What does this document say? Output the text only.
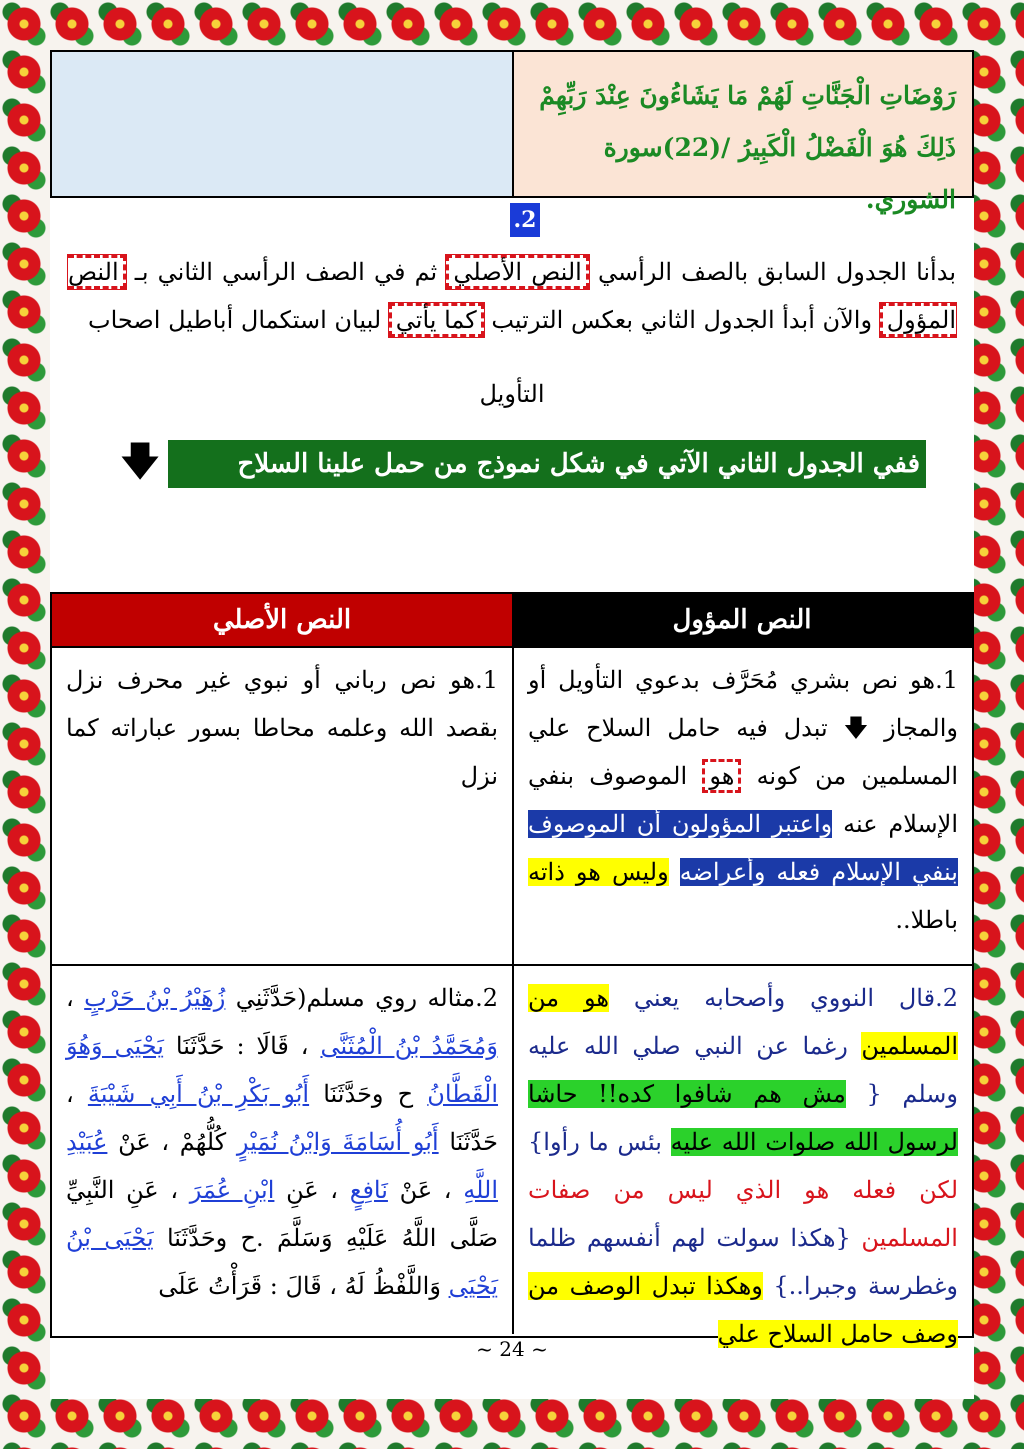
رَوْضَاتِ الْجَنَّاتِ لَهُمْ مَا يَشَاءُونَ عِنْدَ رَبِّهِمْ
ذَلِكَ هُوَ الْفَضْلُ الْكَبِيرُ /(22)سورة الشوري.
.2
بدأنا الجدول السابق بالصف الرأسي النص الأصلي ثم في الصف الرأسي الثاني بـ النص المؤول والآن أبدأ الجدول الثاني بعكس الترتيب كما يأتي لبيان استكمال أباطيل اصحاب
التأويل
ففي الجدول الثاني الآتي في شكل نموذج من حمل علينا السلاح فليس منا:
🡇
النص المؤول
النص الأصلي
1.هو نص بشري مُحَرَّف بدعوي التأويل أو والمجاز 🡇 تبدل فيه حامل السلاح علي المسلمين من كونه هو الموصوف بنفي الإسلام عنه واعتبر المؤولون أن الموصوف بنفي الإسلام فعله وأعراضه وليس هو ذاته باطلا..
1.هو نص رباني أو نبوي غير محرف نزل بقصد الله وعلمه محاطا بسور عباراته كما نزل
2.قال النووي وأصحابه يعني هو من المسلمين رغما عن النبي صلي الله عليه وسلم { مش هم شافوا كده!! حاشا لرسول الله صلوات الله عليه بئس ما رأوا} لكن فعله هو الذي ليس من صفات المسلمين {هكذا سولت لهم أنفسهم ظلما وغطرسة وجبرا..} وهكذا تبدل الوصف من وصف حامل السلاح علي
2.مثاله روي مسلم(حَدَّثَنِي زُهَيْرُ بْنُ حَرْبٍ ، وَمُحَمَّدُ بْنُ الْمُثَنَّى ، قَالَا : حَدَّثَنَا يَحْيَى وَهُوَ الْقَطَّانُ ح وحَدَّثَنَا أَبُو بَكْرِ بْنُ أَبِي شَيْبَةَ ، حَدَّثَنَا أَبُو أُسَامَةَ وَابْنُ نُمَيْرٍ كُلُّهُمْ ، عَنْ عُبَيْدِ اللَّهِ ، عَنْ نَافِعٍ ، عَنِ ابْنِ عُمَرَ ، عَنِ النَّبِيِّ صَلَّى اللَّهُ عَلَيْهِ وَسَلَّمَ .ح وحَدَّثَنَا يَحْيَى بْنُ يَحْيَى وَاللَّفْظُ لَهُ ، قَالَ : قَرَأْتُ عَلَى
~ 24 ~
